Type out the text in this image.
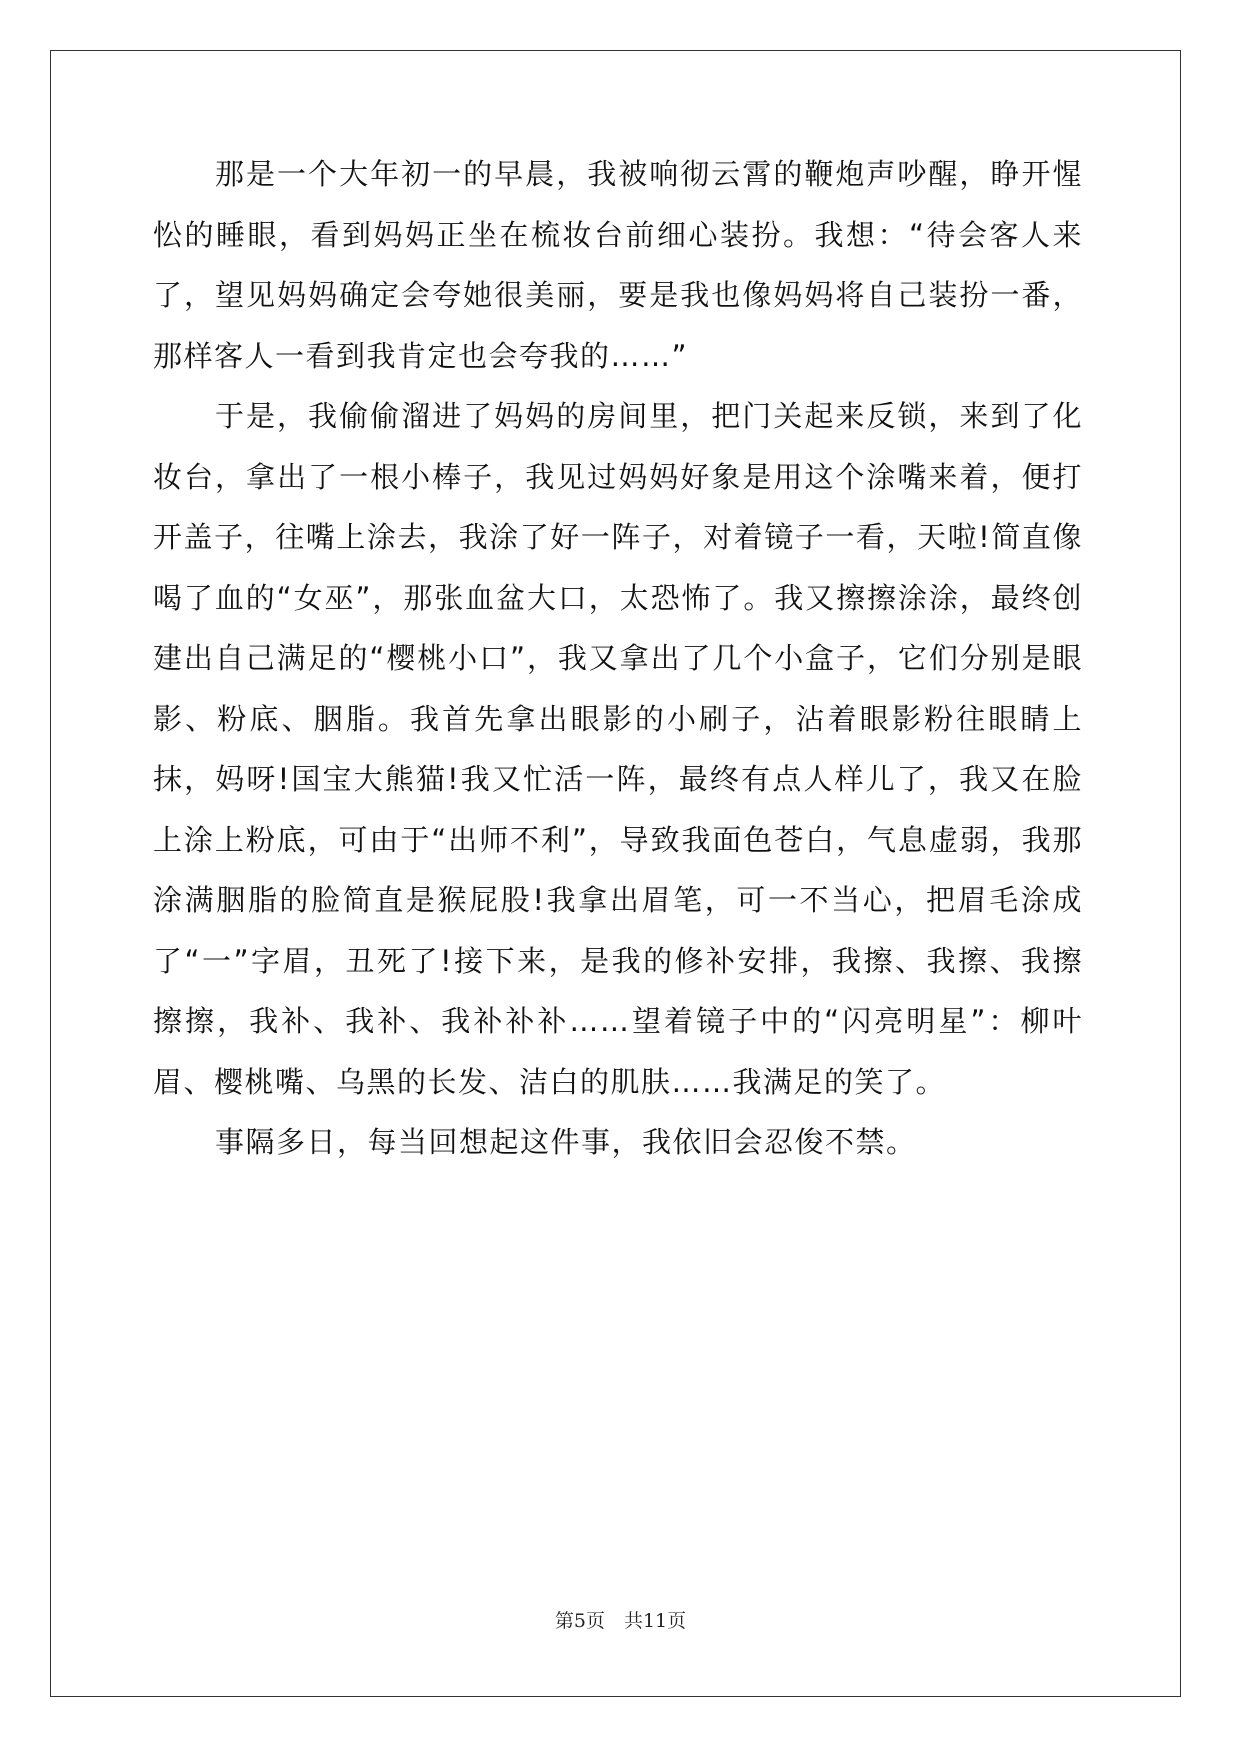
那是一个大年初一的早晨，我被响彻云霄的鞭炮声吵醒，睁开惺忪的睡眼，看到妈妈正坐在梳妆台前细心装扮。我想：“待会客人来了，望见妈妈确定会夸她很美丽，要是我也像妈妈将自己装扮一番，那样客人一看到我肯定也会夸我的……”

于是，我偷偷溜进了妈妈的房间里，把门关起来反锁，来到了化妆台，拿出了一根小棒子，我见过妈妈好象是用这个涂嘴来着，便打开盖子，往嘴上涂去，我涂了好一阵子，对着镜子一看，天啦!简直像喝了血的“女巫”，那张血盆大口，太恐怖了。我又擦擦涂涂，最终创建出自己满足的“樱桃小口”，我又拿出了几个小盒子，它们分别是眼影、粉底、胭脂。我首先拿出眼影的小刷子，沾着眼影粉往眼睛上抹，妈呀!国宝大熊猫!我又忙活一阵，最终有点人样儿了，我又在脸上涂上粉底，可由于“出师不利”，导致我面色苍白，气息虚弱，我那涂满胭脂的脸简直是猴屁股!我拿出眉笔，可一不当心，把眉毛涂成了“一”字眉，丑死了!接下来，是我的修补安排，我擦、我擦、我擦擦擦，我补、我补、我补补补……望着镜子中的“闪亮明星”：柳叶眉、樱桃嘴、乌黑的长发、洁白的肌肤……我满足的笑了。

事隔多日，每当回想起这件事，我依旧会忍俊不禁。

第5页　共11页
